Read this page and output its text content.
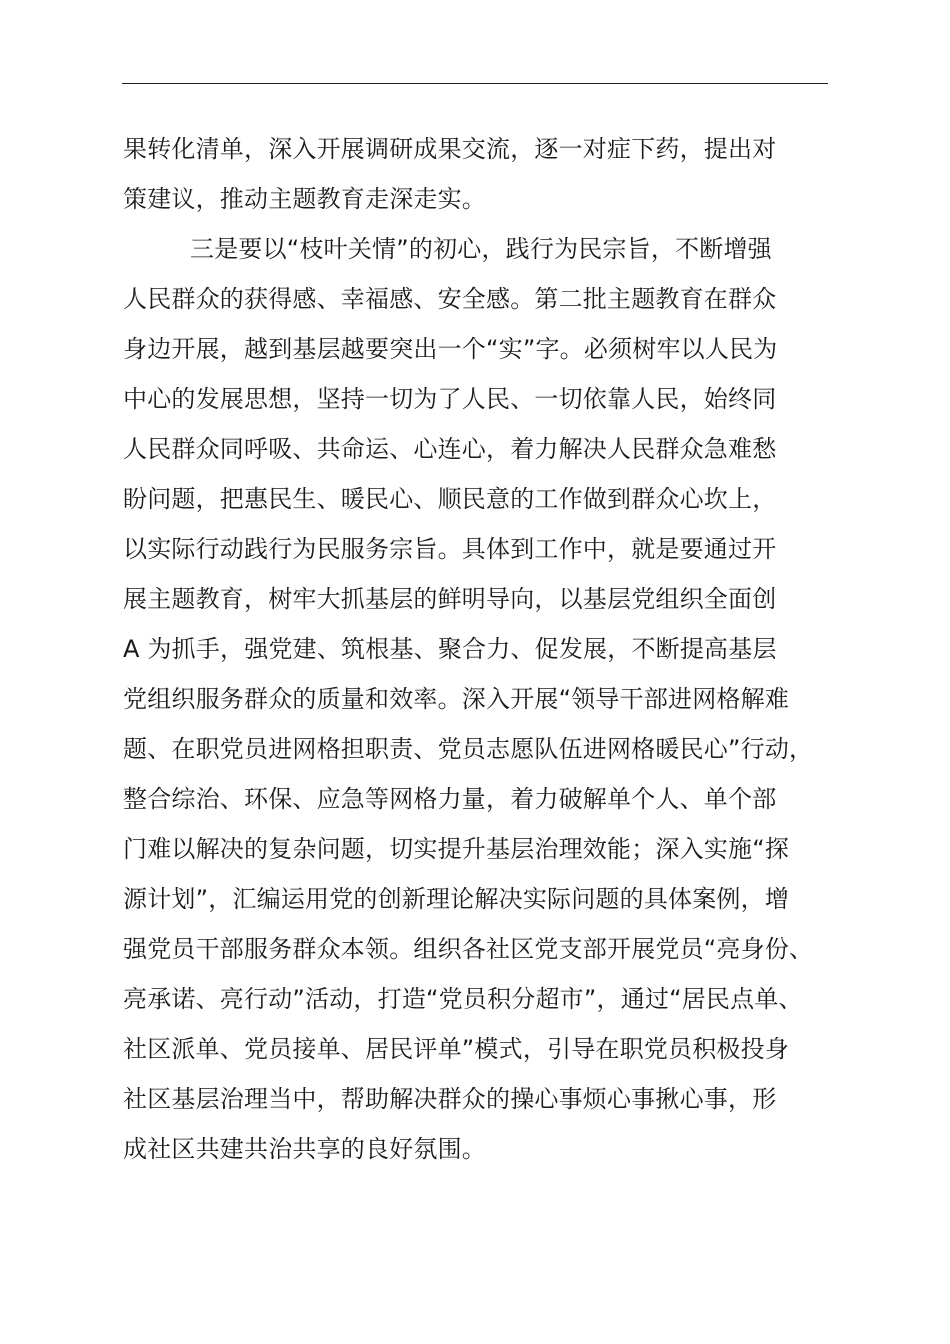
果转化清单，深入开展调研成果交流，逐一对症下药，提出对
策建议，推动主题教育走深走实。
三是要以“枝叶关情”的初心，践行为民宗旨，不断增强
人民群众的获得感、幸福感、安全感。第二批主题教育在群众
身边开展，越到基层越要突出一个“实”字。必须树牢以人民为
中心的发展思想，坚持一切为了人民、一切依靠人民，始终同
人民群众同呼吸、共命运、心连心，着力解决人民群众急难愁
盼问题，把惠民生、暖民心、顺民意的工作做到群众心坎上，
以实际行动践行为民服务宗旨。具体到工作中，就是要通过开
展主题教育，树牢大抓基层的鲜明导向，以基层党组织全面创
A 为抓手，强党建、筑根基、聚合力、促发展，不断提高基层
党组织服务群众的质量和效率。深入开展“领导干部进网格解难
题、在职党员进网格担职责、党员志愿队伍进网格暖民心”行动，
整合综治、环保、应急等网格力量，着力破解单个人、单个部
门难以解决的复杂问题，切实提升基层治理效能；深入实施“探
源计划”，汇编运用党的创新理论解决实际问题的具体案例，增
强党员干部服务群众本领。组织各社区党支部开展党员“亮身份、
亮承诺、亮行动”活动，打造“党员积分超市”，通过“居民点单、
社区派单、党员接单、居民评单”模式，引导在职党员积极投身
社区基层治理当中，帮助解决群众的操心事烦心事揪心事，形
成社区共建共治共享的良好氛围。
